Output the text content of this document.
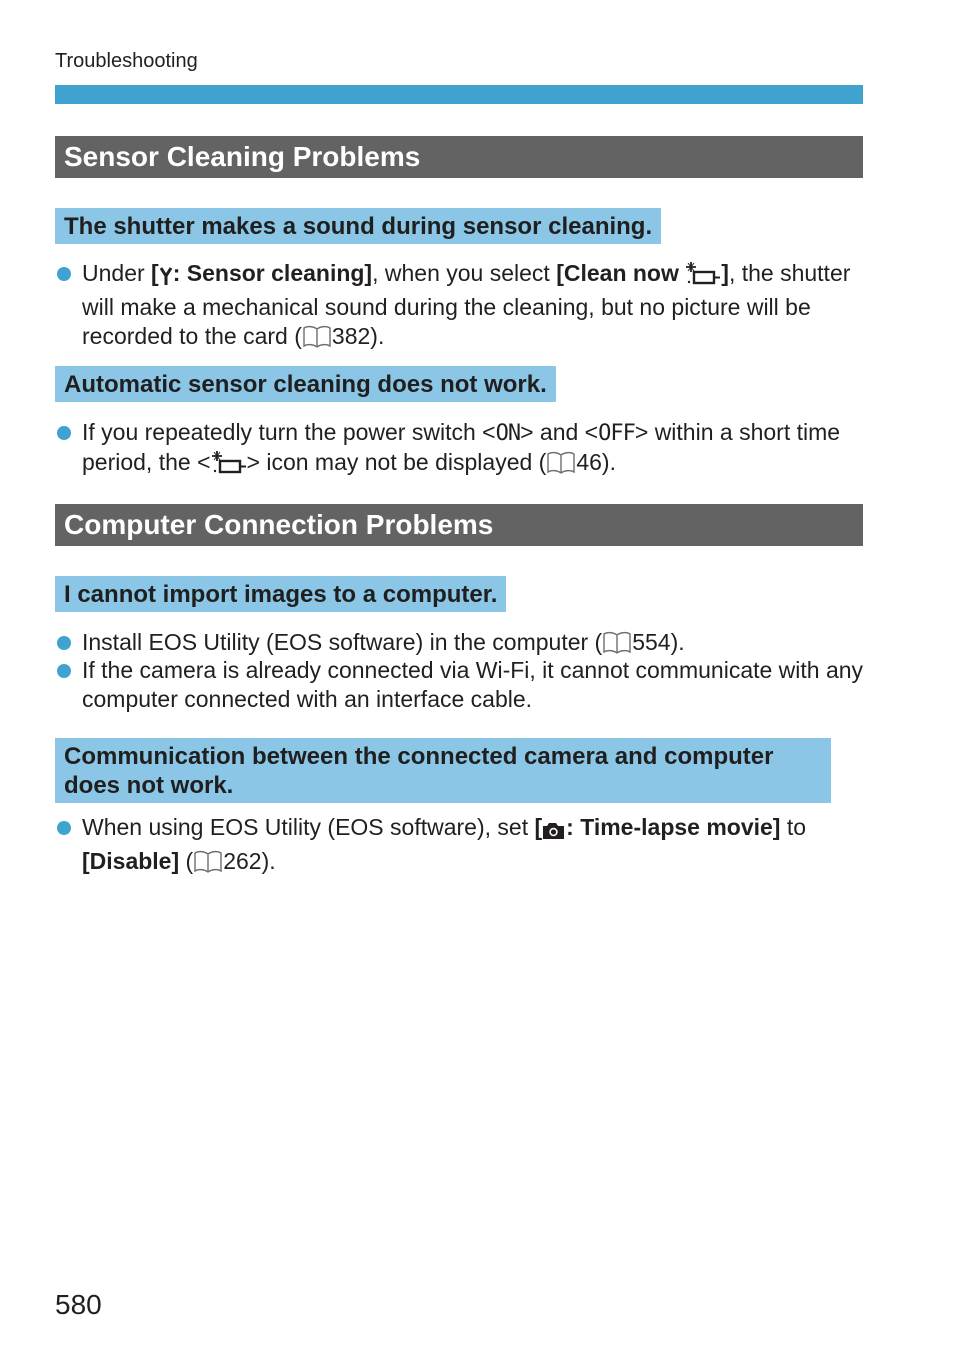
Troubleshooting
Sensor Cleaning Problems
The shutter makes a sound during sensor cleaning.
Under [ : Sensor cleaning], when you select [Clean now ], the shutter will make a mechanical sound during the cleaning, but no picture will be recorded to the card ( 382).
Automatic sensor cleaning does not work.
If you repeatedly turn the power switch <ON> and <OFF> within a short time period, the < > icon may not be displayed ( 46).
Computer Connection Problems
I cannot import images to a computer.
Install EOS Utility (EOS software) in the computer ( 554).
If the camera is already connected via Wi-Fi, it cannot communicate with any computer connected with an interface cable.
Communication between the connected camera and computer does not work.
When using EOS Utility (EOS software), set [ : Time-lapse movie] to [Disable] ( 262).
580
